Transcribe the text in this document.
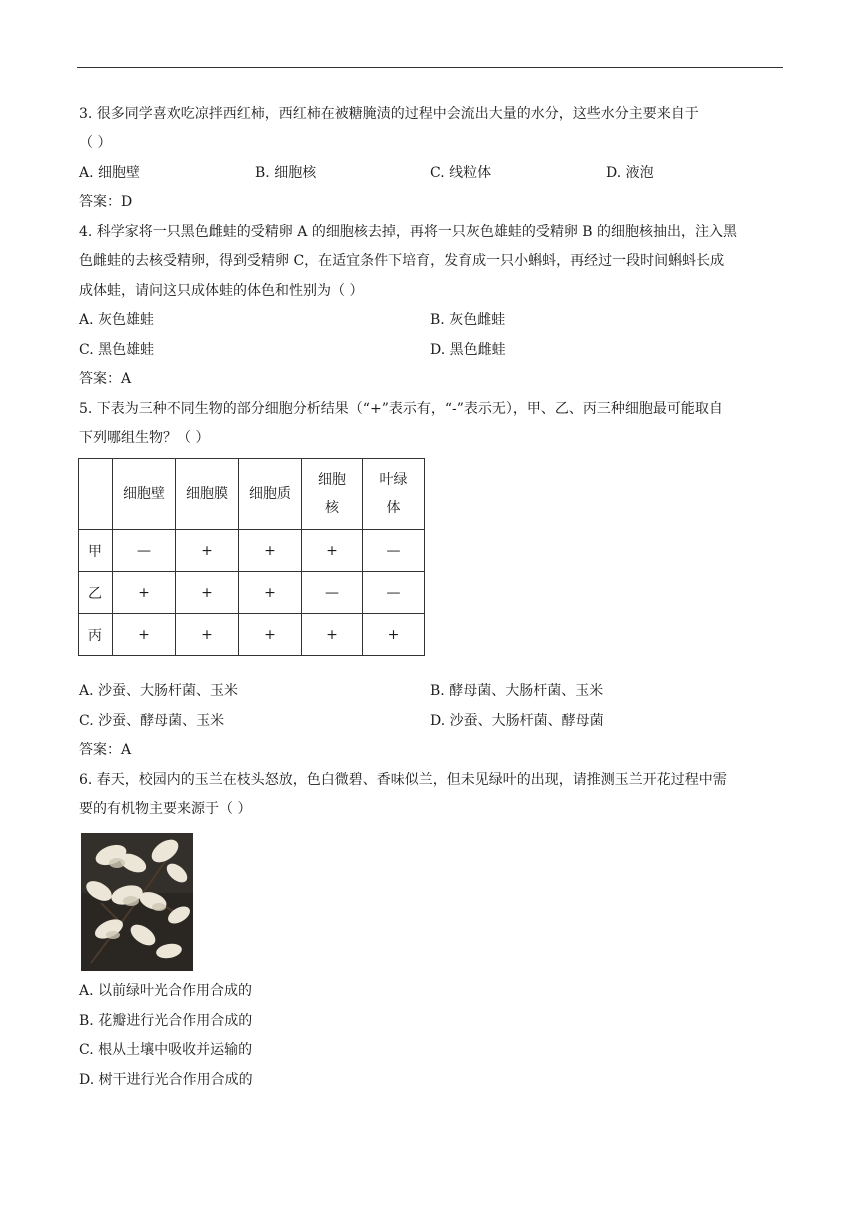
3. 很多同学喜欢吃凉拌西红柿，西红柿在被糖腌渍的过程中会流出大量的水分，这些水分主要来自于
（ ）
A. 细胞壁	B. 细胞核	C. 线粒体	D. 液泡
答案：D
4. 科学家将一只黑色雌蛙的受精卵 A 的细胞核去掉，再将一只灰色雄蛙的受精卵 B 的细胞核抽出，注入黑
色雌蛙的去核受精卵，得到受精卵 C，在适宜条件下培育，发育成一只小蝌蚪，再经过一段时间蝌蚪长成
成体蛙，请问这只成体蛙的体色和性别为（ ）
A. 灰色雄蛙	B. 灰色雌蛙
C. 黑色雄蛙	D. 黑色雌蛙
答案：A
5. 下表为三种不同生物的部分细胞分析结果（“+”表示有，“-”表示无），甲、乙、丙三种细胞最可能取自
下列哪组生物？（ ）
	细胞壁	细胞膜	细胞质	细胞核	叶绿体

甲	—	+	+	+	—
乙	+	+	+	—	—
丙	+	+	+	+	+
A. 沙蚕、大肠杆菌、玉米	B. 酵母菌、大肠杆菌、玉米
C. 沙蚕、酵母菌、玉米	D. 沙蚕、大肠杆菌、酵母菌
答案：A
6. 春天，校园内的玉兰在枝头怒放，色白微碧、香味似兰，但未见绿叶的出现，请推测玉兰开花过程中需
要的有机物主要来源于（ ）
A. 以前绿叶光合作用合成的
B. 花瓣进行光合作用合成的
C. 根从土壤中吸收并运输的
D. 树干进行光合作用合成的
